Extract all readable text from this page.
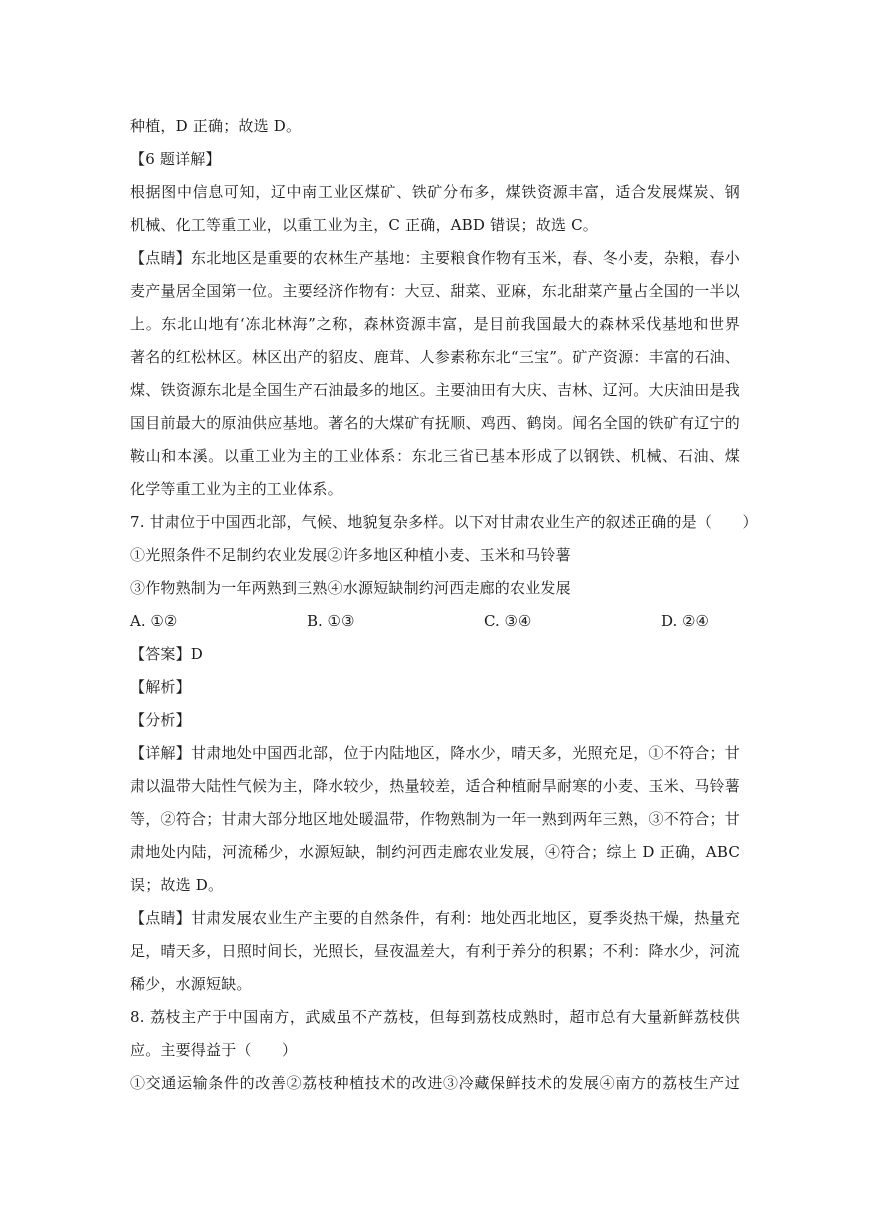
种植，D 正确；故选 D。
【6 题详解】
根据图中信息可知，辽中南工业区煤矿、铁矿分布多，煤铁资源丰富，适合发展煤炭、钢
机械、化工等重工业，以重工业为主，C 正确，ABD 错误；故选 C。
【点睛】东北地区是重要的农林生产基地：主要粮食作物有玉米，春、冬小麦，杂粮，春小
麦产量居全国第一位。主要经济作物有：大豆、甜菜、亚麻，东北甜菜产量占全国的一半以
上。东北山地有‘冻北林海”之称，森林资源丰富，是目前我国最大的森林采伐基地和世界
著名的红松林区。林区出产的貂皮、鹿茸、人参素称东北“三宝”。矿产资源：丰富的石油、
煤、铁资源东北是全国生产石油最多的地区。主要油田有大庆、吉林、辽河。大庆油田是我
国目前最大的原油供应基地。著名的大煤矿有抚顺、鸡西、鹤岗。闻名全国的铁矿有辽宁的
鞍山和本溪。以重工业为主的工业体系：东北三省已基本形成了以钢铁、机械、石油、煤
化学等重工业为主的工业体系。
7. 甘肃位于中国西北部，气候、地貌复杂多样。以下对甘肃农业生产的叙述正确的是（　　）
①光照条件不足制约农业发展②许多地区种植小麦、玉米和马铃薯
③作物熟制为一年两熟到三熟④水源短缺制约河西走廊的农业发展
A. ①②	B. ①③	C. ③④	D. ②④
【答案】D
【解析】
【分析】
【详解】甘肃地处中国西北部，位于内陆地区，降水少，晴天多，光照充足，①不符合；甘
肃以温带大陆性气候为主，降水较少，热量较差，适合种植耐旱耐寒的小麦、玉米、马铃薯
等，②符合；甘肃大部分地区地处暖温带，作物熟制为一年一熟到两年三熟，③不符合；甘
肃地处内陆，河流稀少，水源短缺，制约河西走廊农业发展，④符合；综上 D 正确，ABC
误；故选 D。
【点睛】甘肃发展农业生产主要的自然条件，有利：地处西北地区，夏季炎热干燥，热量充
足，晴天多，日照时间长，光照长，昼夜温差大，有利于养分的积累；不利：降水少，河流
稀少，水源短缺。
8. 荔枝主产于中国南方，武威虽不产荔枝，但每到荔枝成熟时，超市总有大量新鲜荔枝供
应。主要得益于（　　）
①交通运输条件的改善②荔枝种植技术的改进③冷藏保鲜技术的发展④南方的荔枝生产过
